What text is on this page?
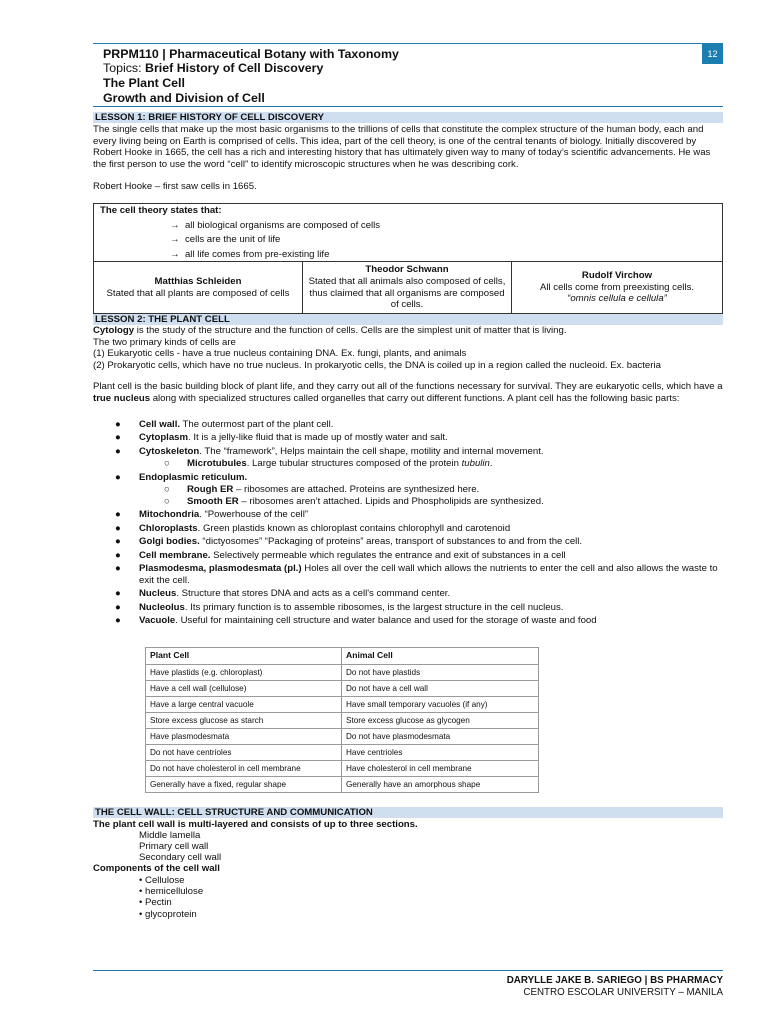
12
PRPM110 | Pharmaceutical Botany with Taxonomy
Topics: Brief History of Cell Discovery
The Plant Cell
Growth and Division of Cell
LESSON 1: BRIEF HISTORY OF CELL DISCOVERY
The single cells that make up the most basic organisms to the trillions of cells that constitute the complex structure of the human body, each and every living being on Earth is comprised of cells. This idea, part of the cell theory, is one of the central tenants of biology. Initially discovered by Robert Hooke in 1665, the cell has a rich and interesting history that has ultimately given way to many of today’s scientific advancements. He was the first person to use the word “cell” to identify microscopic structures when he was describing cork.
Robert Hooke – first saw cells in 1665.
The cell theory states that:
→ all biological organisms are composed of cells
→ cells are the unit of life
→ all life comes from pre-existing life

Matthias Schleiden
Stated that all plants are composed of cells

Theodor Schwann
Stated that all animals also composed of cells, thus claimed that all organisms are composed of cells.

Rudolf Virchow
All cells come from preexisting cells.
“omnis cellula e cellula”
LESSON 2: THE PLANT CELL
Cytology is the study of the structure and the function of cells. Cells are the simplest unit of matter that is living.
The two primary kinds of cells are
(1) Eukaryotic cells - have a true nucleus containing DNA. Ex. fungi, plants, and animals
(2) Prokaryotic cells, which have no true nucleus. In prokaryotic cells, the DNA is coiled up in a region called the nucleoid. Ex. bacteria
Plant cell is the basic building block of plant life, and they carry out all of the functions necessary for survival. They are eukaryotic cells, which have a true nucleus along with specialized structures called organelles that carry out different functions. A plant cell has the following basic parts:
● Cell wall. The outermost part of the plant cell.
● Cytoplasm. It is a jelly-like fluid that is made up of mostly water and salt.
● Cytoskeleton. The “framework”, Helps maintain the cell shape, motility and internal movement.
○ Microtubules. Large tubular structures composed of the protein tubulin.
● Endoplasmic reticulum.
○ Rough ER – ribosomes are attached. Proteins are synthesized here.
○ Smooth ER – ribosomes aren’t attached. Lipids and Phospholipids are synthesized.
● Mitochondria. “Powerhouse of the cell”
● Chloroplasts. Green plastids known as chloroplast contains chlorophyll and carotenoid
● Golgi bodies. “dictyosomes” “Packaging of proteins” areas, transport of substances to and from the cell.
● Cell membrane. Selectively permeable which regulates the entrance and exit of substances in a cell
● Plasmodesma, plasmodesmata (pl.) Holes all over the cell wall which allows the nutrients to enter the cell and also allows the waste to exit the cell.
● Nucleus. Structure that stores DNA and acts as a cell's command center.
● Nucleolus. Its primary function is to assemble ribosomes, is the largest structure in the cell nucleus.
● Vacuole. Useful for maintaining cell structure and water balance and used for the storage of waste and food
Plant Cell	Animal Cell
Have plastids (e.g. chloroplast)	Do not have plastids
Have a cell wall (cellulose)	Do not have a cell wall
Have a large central vacuole	Have small temporary vacuoles (if any)
Store excess glucose as starch	Store excess glucose as glycogen
Have plasmodesmata	Do not have plasmodesmata
Do not have centrioles	Have centrioles
Do not have cholesterol in cell membrane	Have cholesterol in cell membrane
Generally have a fixed, regular shape	Generally have an amorphous shape
THE CELL WALL: CELL STRUCTURE AND COMMUNICATION
The plant cell wall is multi-layered and consists of up to three sections.
Middle lamella
Primary cell wall
Secondary cell wall
Components of the cell wall
• Cellulose
• hemicellulose
• Pectin
• glycoprotein
DARYLLE JAKE B. SARIEGO | BS PHARMACY
CENTRO ESCOLAR UNIVERSITY – MANILA
